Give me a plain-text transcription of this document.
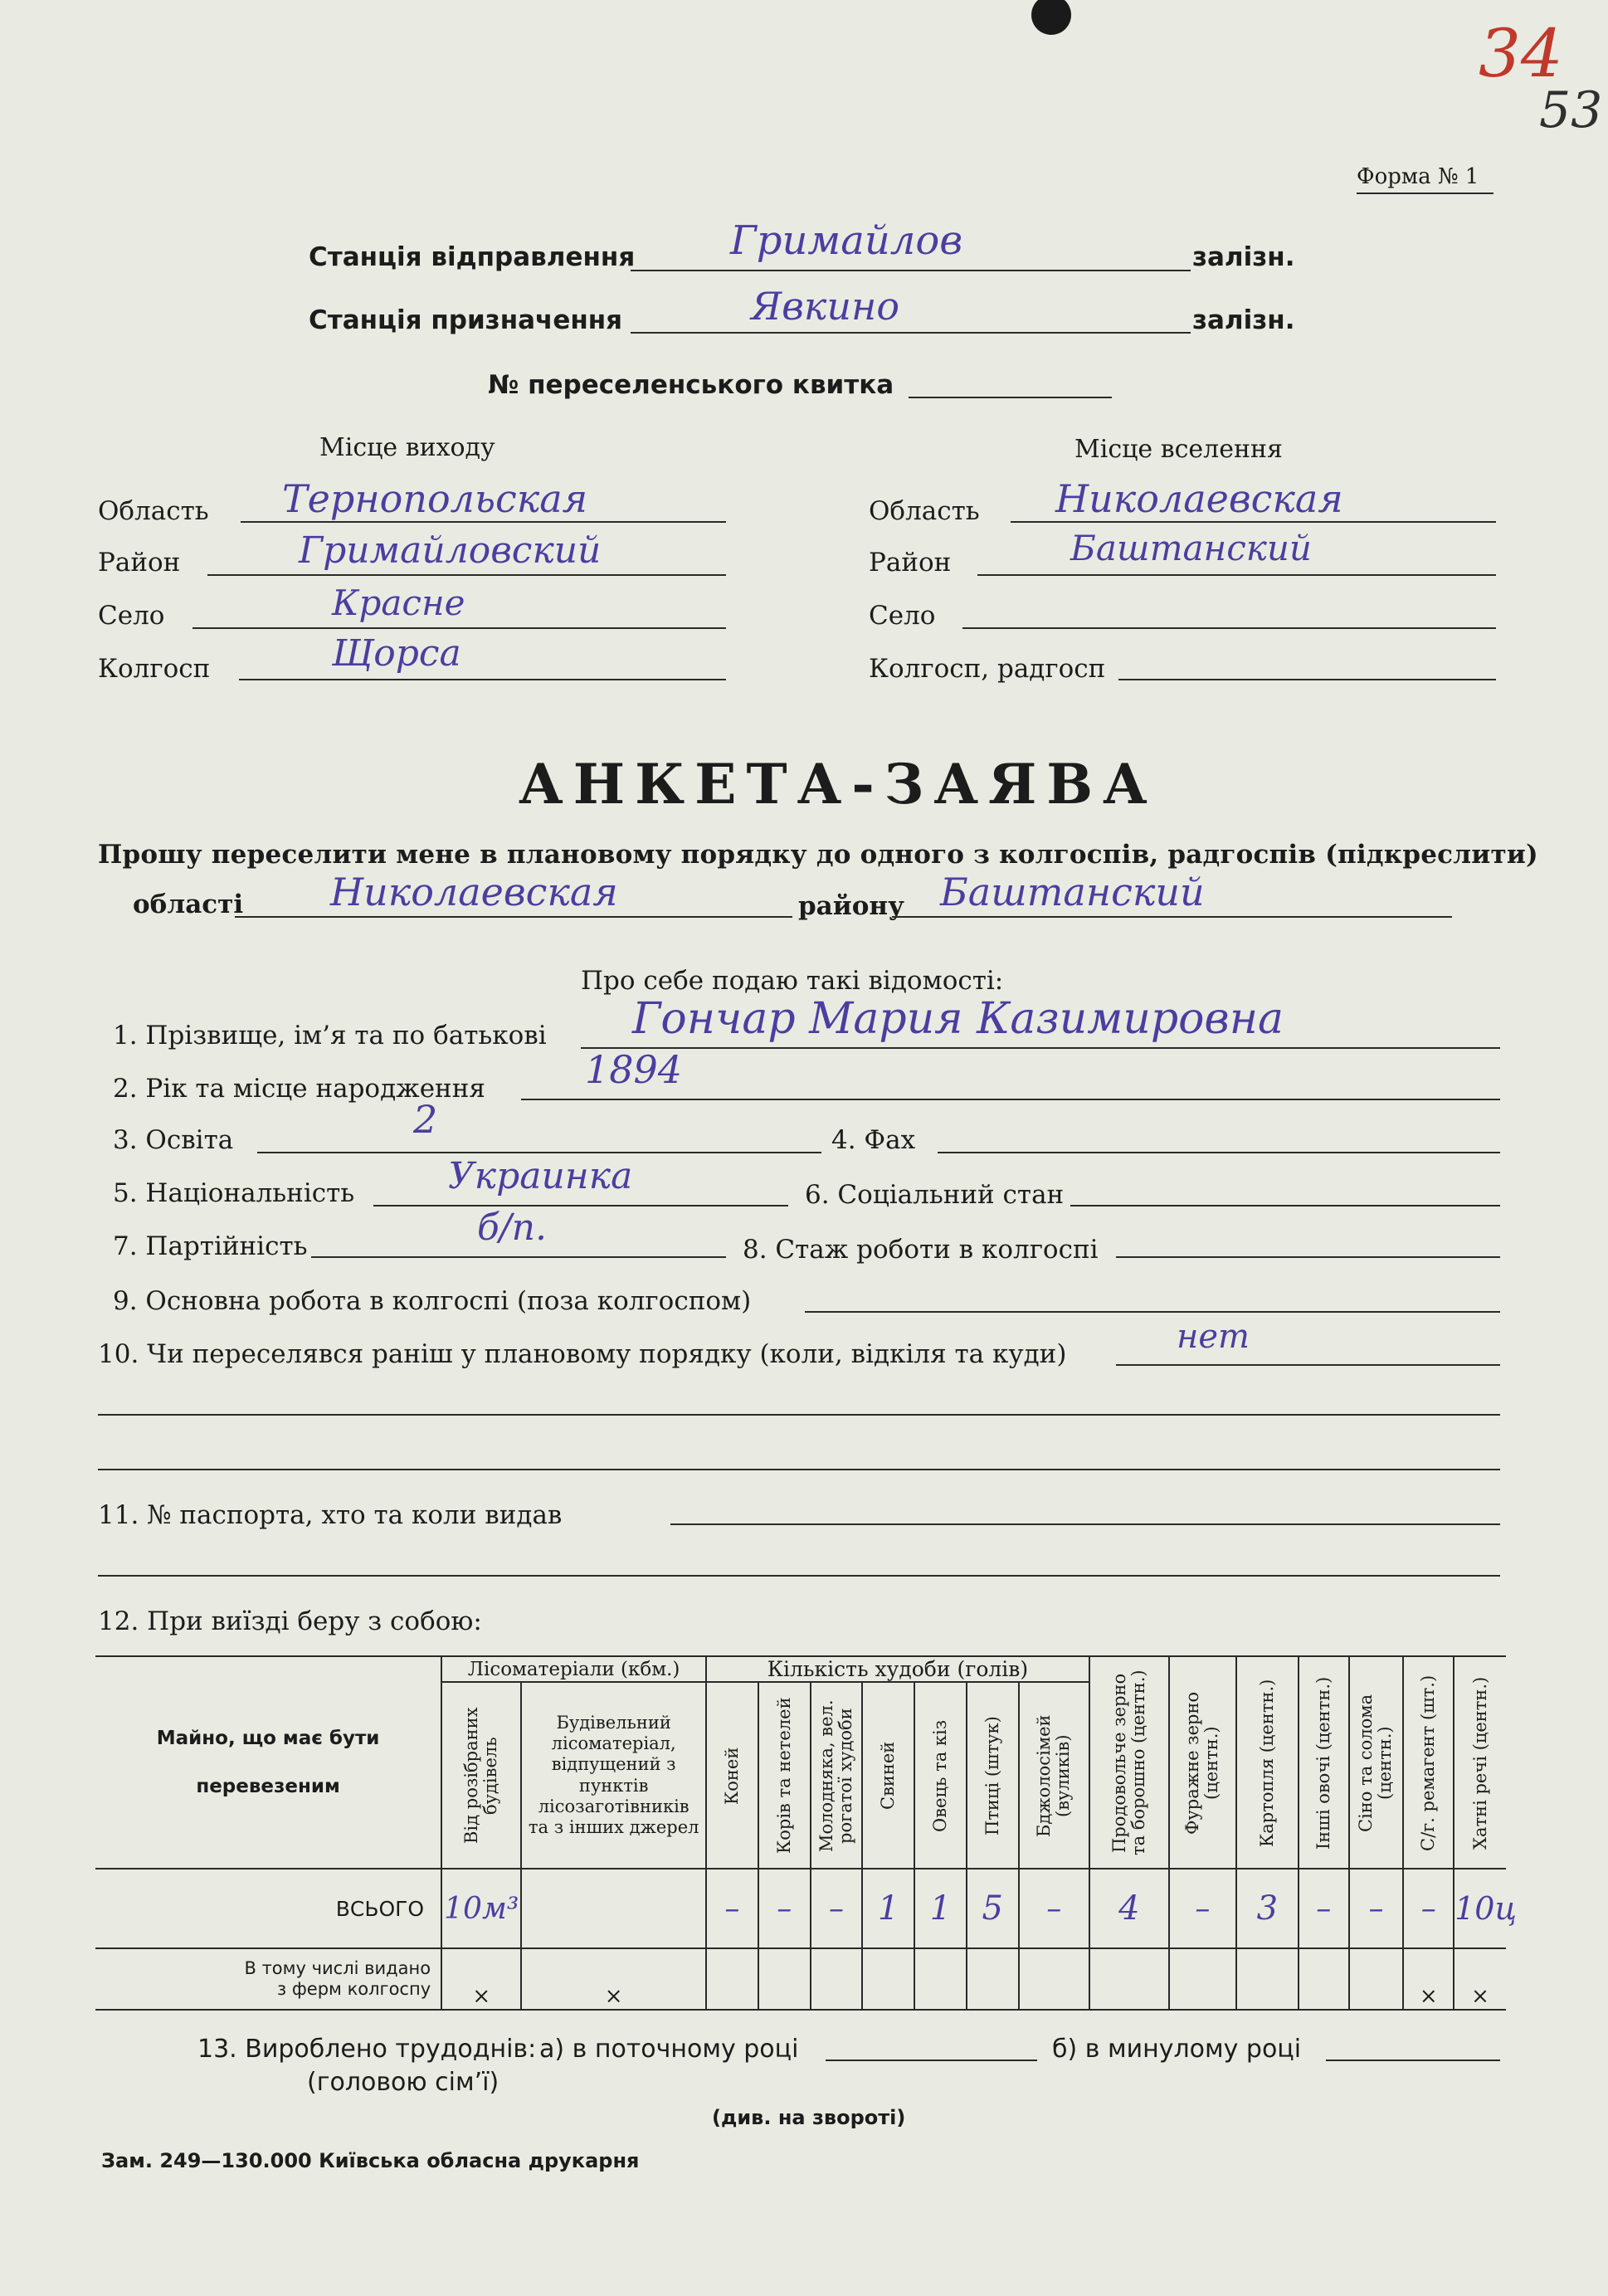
34
53
Форма № 1
Станція відправлення Гримайлов	залізн.
Станція призначення	Явкино	залізн.
№ переселенського квитка
Місце виходу	Місце вселення
Область Тернопольская
Район	Гримайловский
Село	Красне
Колгосп	Щорса
Область Николаевская
Район	Баштанский
Село
Колгосп, радгосп
АНКЕТА-ЗАЯВА
Прошу переселити мене в плановому порядку до одного з колгоспів, радгоспів (підкреслити)
області Николаевская	району Баштанский
Про себе подаю такі відомості:
1. Прізвище, ім’я та по батькові Гончар Мария Казимировна
2. Рік та місце народження	1894
3. Освіта	2	4. Фах
5. Національність	Украинка	6. Соціальний стан
7. Партійність	б/п.
8. Стаж роботи в колгоспі
9. Основна робота в колгоспі (поза колгоспом)
10. Чи переселявся раніш у плановому порядку (коли, відкіля та куди)	нет
11. № паспорта, хто та коли видав
12. При виїзді беру з собою:
Майно, що має бути
перевезеним	Лісоматеріали (кбм.)		Кількість худоби (голів)							Продовольче зерно та борошно (центн.)	Фуражне зерно (центн.)	Картопля (центн.)	Інші овочі (центн.)	Сіно та солома (центн.)	С/г. ремагент (шт.)	Хатні речі (центн.)

	Від розібраних будівель	Будівельний лісоматеріал, відпущений з пунктів лісозаготівників та з інших джерел	Коней	Корів та нетелей	Молодняка, вел. рогатої худоби	Свиней	Овець та кіз	Птиці (штук)	Бджолосімей (вуликів)							

ВСЬОГО	10м³		–	–	–	1	1	5	–	4	–	3	–	–	–	10ц

В тому числі видано
з ферм колгоспу	×	×													×	×
13. Вироблено трудоднів:
(головою сім’ї)
а) в поточному році	б) в минулому році
(див. на звороті)
Зам. 249—130.000 Київська обласна друкарня
